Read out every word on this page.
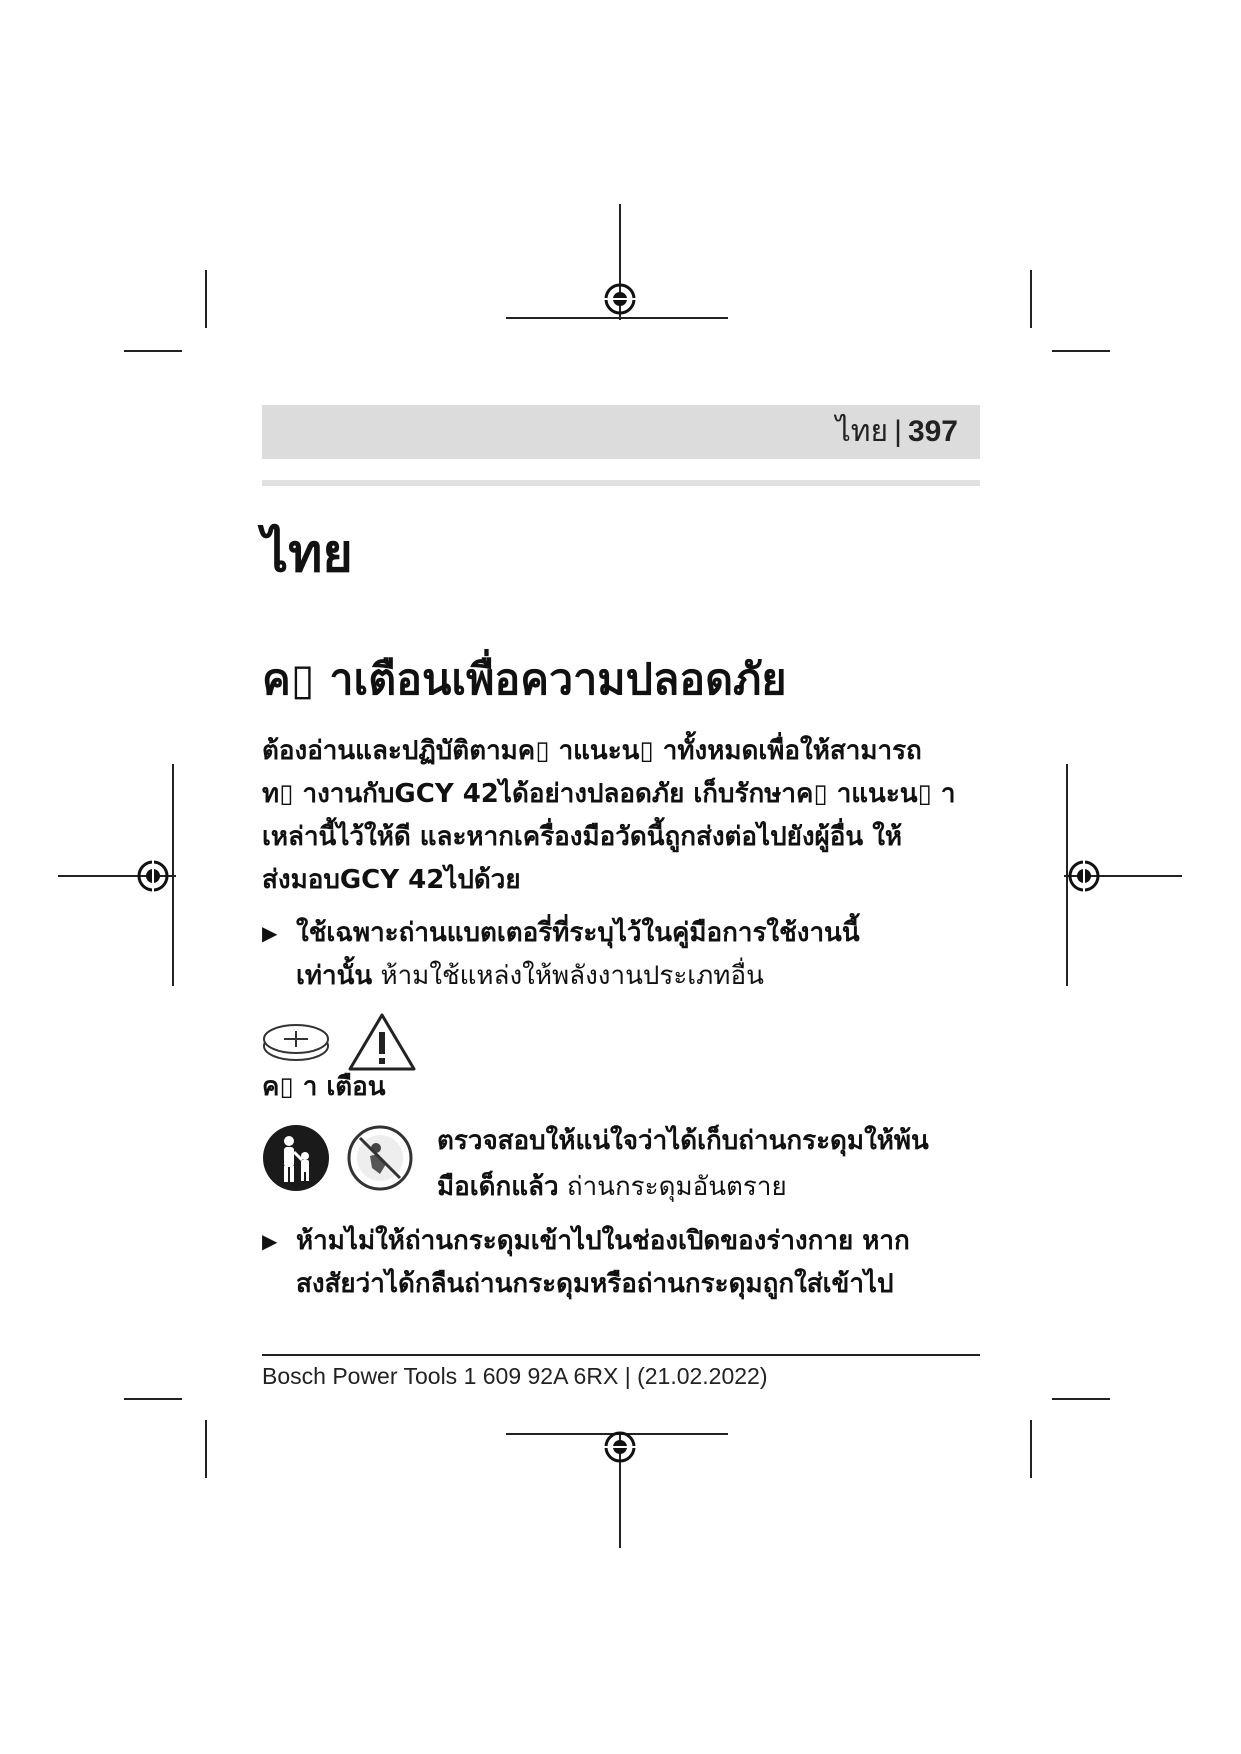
ไทย | 397
ไทย
ค▯ าเตือนเพื่อความปลอดภัย
ต้องอ่านและปฏิบัติตามค▯ าแนะน▯ าทั้งหมดเพื่อให้สามารถ
ท▯ างานกับGCY 42ได้อย่างปลอดภัย เก็บรักษาค▯ าแนะน▯ า
เหล่านี้ไว้ให้ดี และหากเครื่องมือวัดนี้ถูกส่งต่อไปยังผู้อื่น ให้
ส่งมอบGCY 42ไปด้วย
▶ ใช้เฉพาะถ่านแบตเตอรี่ที่ระบุไว้ในคู่มือการใช้งานนี้
เท่านั้น ห้ามใช้แหล่งให้พลังงานประเภทอื่น
ค▯ า เตือน
ตรวจสอบให้แน่ใจว่าได้เก็บถ่านกระดุมให้พ้น
มือเด็กแล้ว ถ่านกระดุมอันตราย
▶ ห้ามไม่ให้ถ่านกระดุมเข้าไปในช่องเปิดของร่างกาย หาก
สงสัยว่าได้กลืนถ่านกระดุมหรือถ่านกระดุมถูกใส่เข้าไป
Bosch Power Tools 1 609 92A 6RX | (21.02.2022)
